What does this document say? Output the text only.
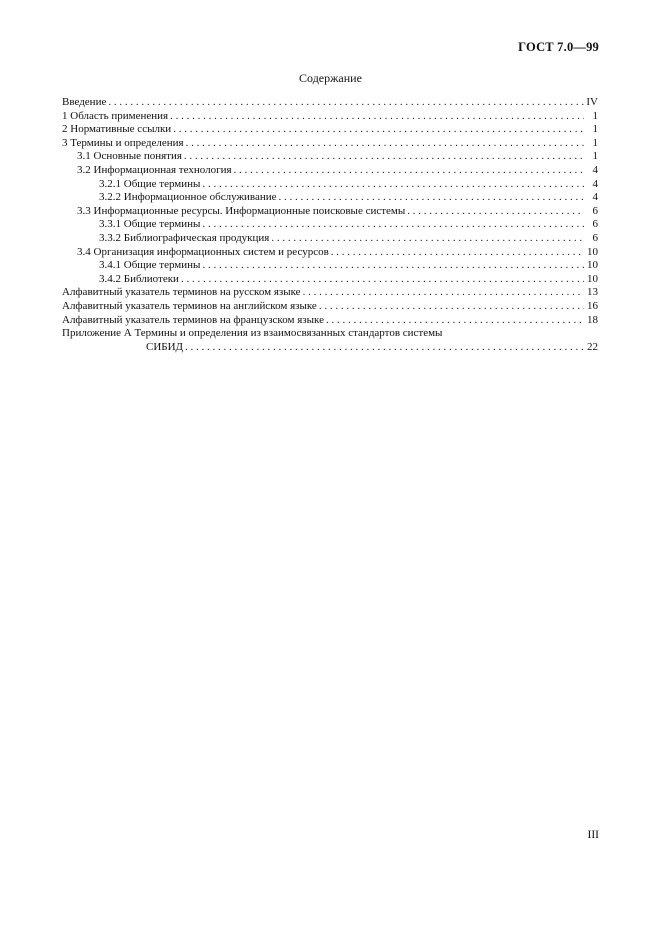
ГОСТ 7.0—99
Содержание
Введение . . .	IV
1 Область применения . . .	1
2 Нормативные ссылки . . .	1
3 Термины и определения . . .	1
3.1 Основные понятия . . .	1
3.2 Информационная технология . . .	4
3.2.1 Общие термины . . .	4
3.2.2 Информационное обслуживание . . .	4
3.3 Информационные ресурсы. Информационные поисковые системы . . .	6
3.3.1 Общие термины . . .	6
3.3.2 Библиографическая продукция . . .	6
3.4 Организация информационных систем и ресурсов . . .	10
3.4.1 Общие термины . . .	10
3.4.2 Библиотеки . . .	10
Алфавитный указатель терминов на русском языке . . .	13
Алфавитный указатель терминов на английском языке . . .	16
Алфавитный указатель терминов на французском языке . . .	18
Приложение А Термины и определения из взаимосвязанных стандартов системы
СИБИД . . .	22
III
